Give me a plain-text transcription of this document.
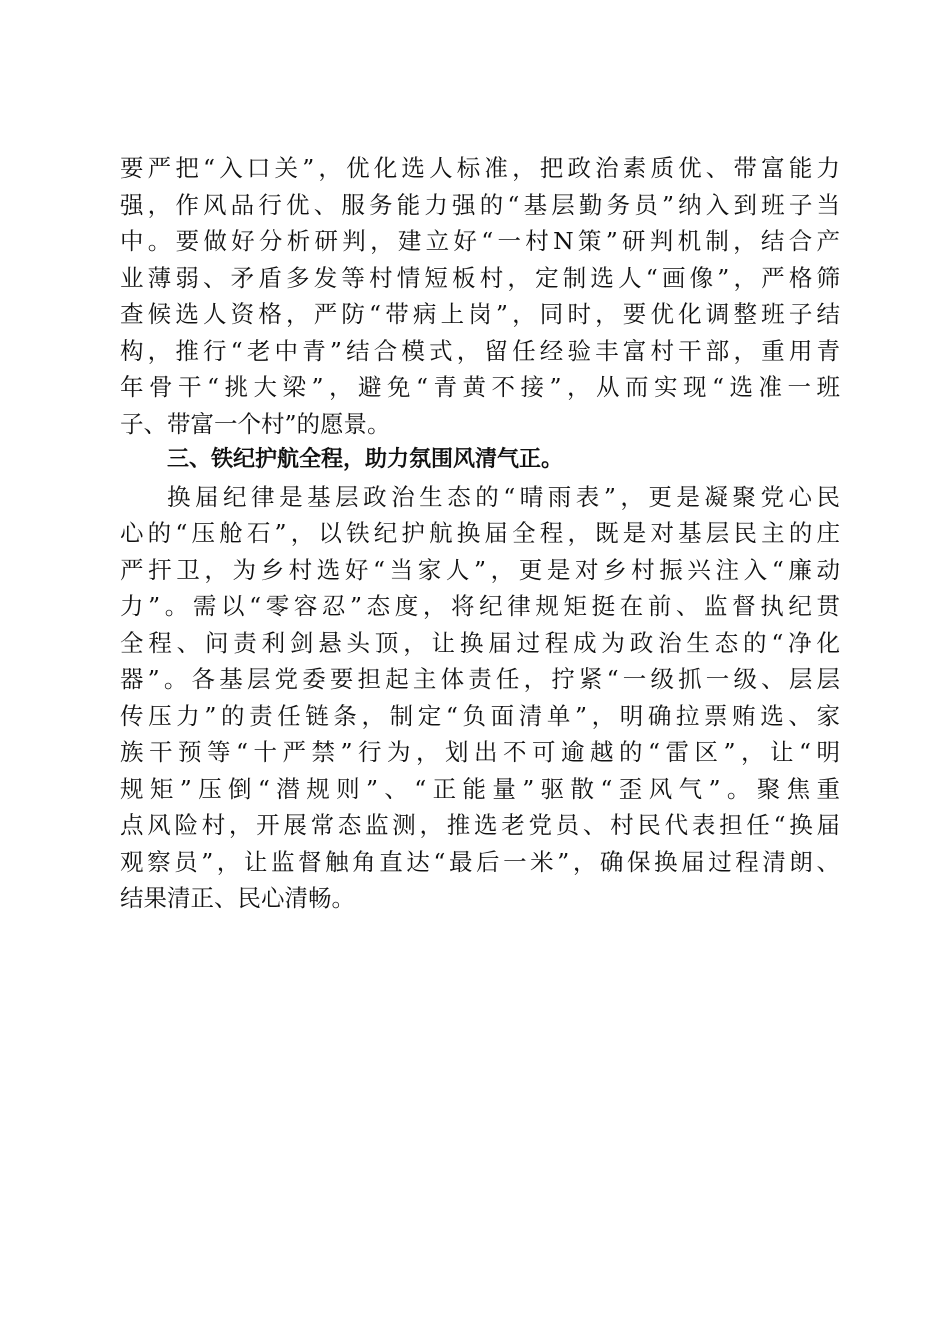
要严把“入口关”，优化选人标准，把政治素质优、带富能力
强，作风品行优、服务能力强的“基层勤务员”纳入到班子当
中。要做好分析研判，建立好“一村N策”研判机制，结合产
业薄弱、矛盾多发等村情短板村，定制选人“画像”，严格筛
查候选人资格，严防“带病上岗”，同时，要优化调整班子结
构，推行“老中青”结合模式，留任经验丰富村干部，重用青
年骨干“挑大梁”，避免“青黄不接”，从而实现“选准一班
子、带富一个村”的愿景。
三、铁纪护航全程，助力氛围风清气正。
换届纪律是基层政治生态的“晴雨表”，更是凝聚党心民
心的“压舱石”，以铁纪护航换届全程，既是对基层民主的庄
严扞卫，为乡村选好“当家人”，更是对乡村振兴注入“廉动
力”。需以“零容忍”态度，将纪律规矩挺在前、监督执纪贯
全程、问责利剑悬头顶，让换届过程成为政治生态的“净化
器”。各基层党委要担起主体责任，拧紧“一级抓一级、层层
传压力”的责任链条，制定“负面清单”，明确拉票贿选、家
族干预等“十严禁”行为，划出不可逾越的“雷区”，让“明
规矩”压倒“潜规则”、“正能量”驱散“歪风气”。聚焦重
点风险村，开展常态监测，推选老党员、村民代表担任“换届
观察员”，让监督触角直达“最后一米”，确保换届过程清朗、
结果清正、民心清畅。
